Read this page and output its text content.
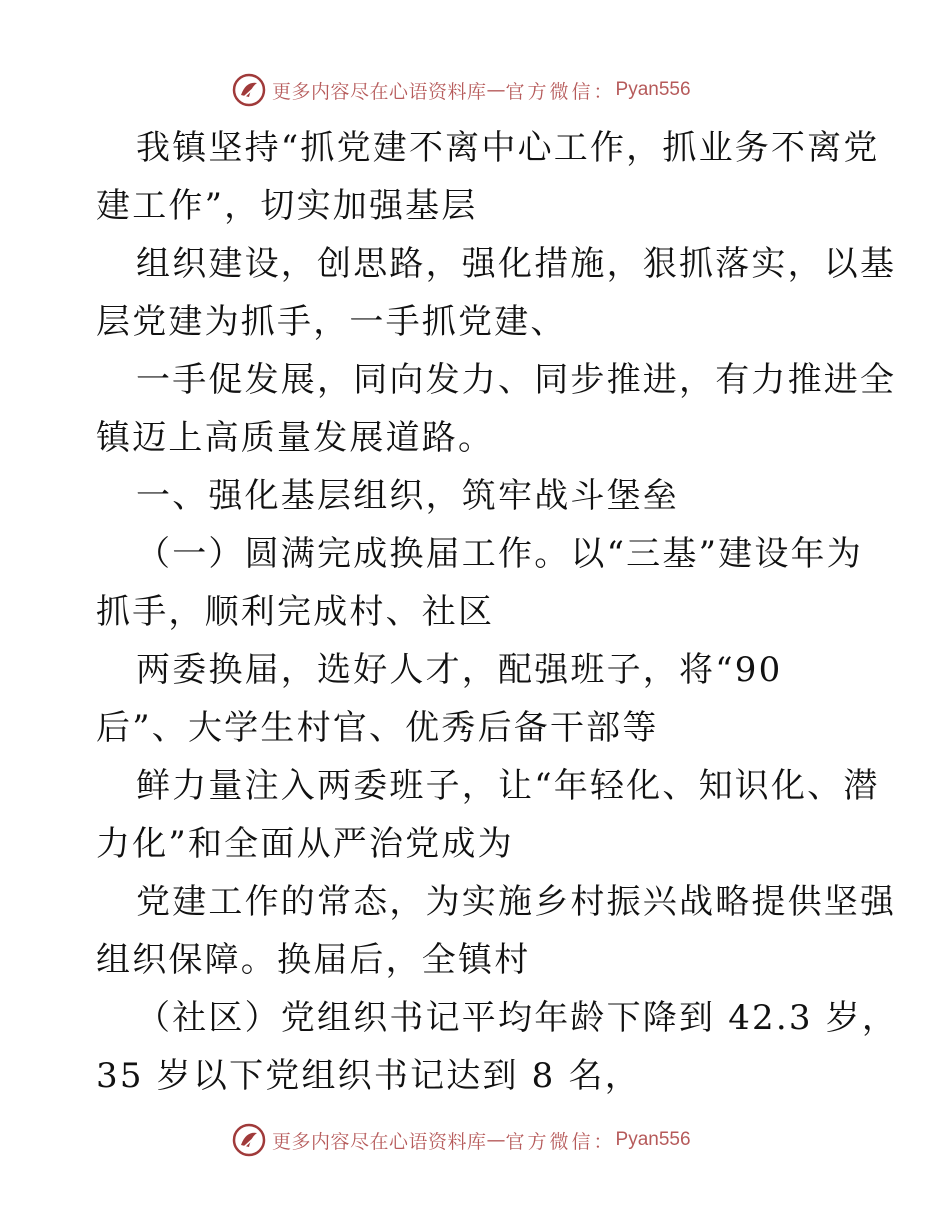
更多内容尽在心语资料库 — 官方微信： Pyan556
我镇坚持“抓党建不离中心工作，抓业务不离党
建工作”，切实加强基层
组织建设，创思路，强化措施，狠抓落实，以基
层党建为抓手，一手抓党建、
一手促发展，同向发力、同步推进，有力推进全
镇迈上高质量发展道路。
一、强化基层组织，筑牢战斗堡垒
（一）圆满完成换届工作。以“三基”建设年为
抓手，顺利完成村、社区
两委换届，选好人才，配强班子，将“90
后”、大学生村官、优秀后备干部等
鲜力量注入两委班子，让“年轻化、知识化、潜
力化”和全面从严治党成为
党建工作的常态，为实施乡村振兴战略提供坚强
组织保障。换届后，全镇村
（社区）党组织书记平均年龄下降到 42.3 岁，
35 岁以下党组织书记达到 8 名，
更多内容尽在心语资料库 — 官方微信： Pyan556
